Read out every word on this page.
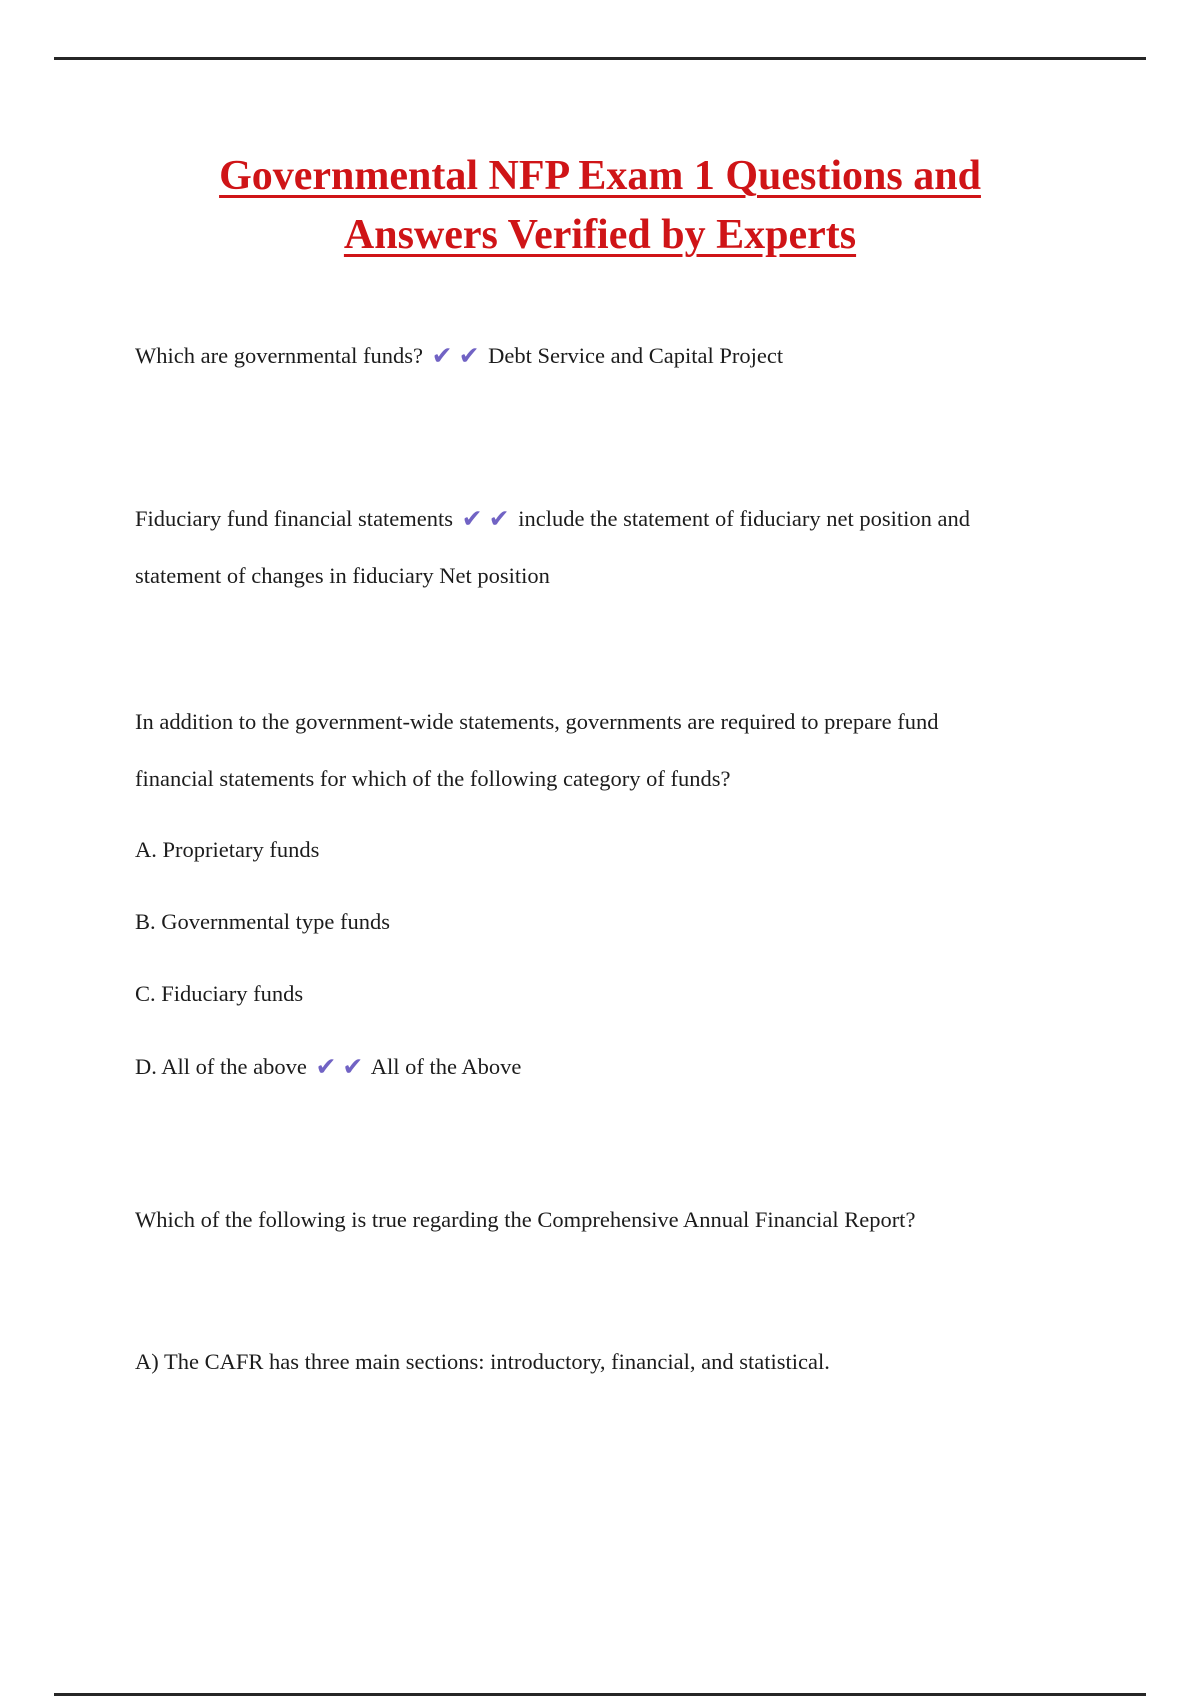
Governmental NFP Exam 1 Questions and
Answers Verified by Experts
Which are governmental funds? ✔ ✔ Debt Service and Capital Project
Fiduciary fund financial statements ✔ ✔ include the statement of fiduciary net position and statement of changes in fiduciary Net position
In addition to the government-wide statements, governments are required to prepare fund financial statements for which of the following category of funds?
A. Proprietary funds
B. Governmental type funds
C. Fiduciary funds
D. All of the above ✔ ✔ All of the Above
Which of the following is true regarding the Comprehensive Annual Financial Report?
A) The CAFR has three main sections: introductory, financial, and statistical.
